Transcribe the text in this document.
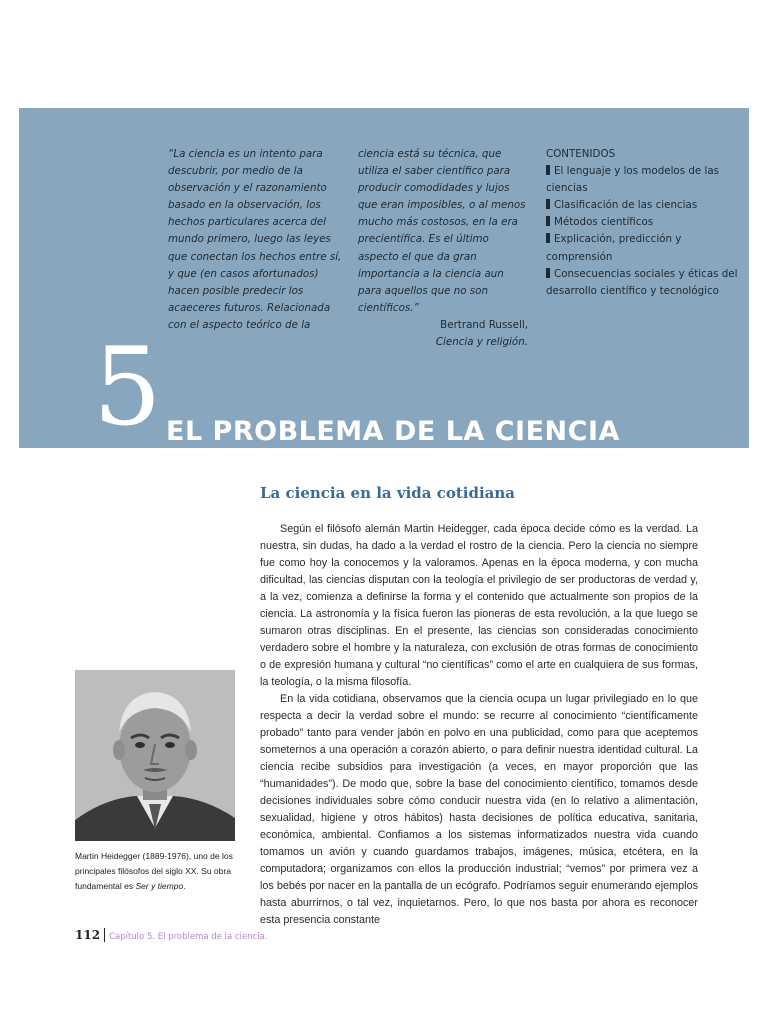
“La ciencia es un intento para descubrir, por medio de la observación y el razonamiento basado en la observación, los hechos particulares acerca del mundo primero, luego las leyes que conectan los hechos entre sí, y que (en casos afortunados) hacen posible predecir los acaeceres futuros. Relacionada con el aspecto teórico de la

ciencia está su técnica, que utiliza el saber científico para producir comodidades y lujos que eran imposibles, o al menos mucho más costosos, en la era precientífica. Es el último aspecto el que da gran importancia a la ciencia aun para aquellos que no son científicos.”

Bertrand Russell,
Ciencia y religión.
CONTENIDOS
El lenguaje y los modelos de las ciencias
Clasificación de las ciencias
Métodos científicos
Explicación, predicción y comprensión
Consecuencias sociales y éticas del desarrollo científico y tecnológico
5 EL PROBLEMA DE LA CIENCIA
La ciencia en la vida cotidiana

Según el filósofo alemán Martin Heidegger, cada época decide cómo es la verdad. La nuestra, sin dudas, ha dado a la verdad el rostro de la ciencia. Pero la ciencia no siempre fue como hoy la conocemos y la valoramos. Apenas en la época moderna, y con mucha dificultad, las ciencias disputan con la teología el privilegio de ser productoras de verdad y, a la vez, comienza a definirse la forma y el contenido que actualmente son propios de la ciencia. La astronomía y la física fueron las pioneras de esta revolución, a la que luego se sumaron otras disciplinas. En el presente, las ciencias son consideradas conocimiento verdadero sobre el hombre y la naturaleza, con exclusión de otras formas de conocimiento o de expresión humana y cultural “no científicas” como el arte en cualquiera de sus formas, la teología, o la misma filosofía.

En la vida cotidiana, observamos que la ciencia ocupa un lugar privilegiado en lo que respecta a decir la verdad sobre el mundo: se recurre al conocimiento “científicamente probado” tanto para vender jabón en polvo en una publicidad, como para que aceptemos someternos a una operación a corazón abierto, o para definir nuestra identidad cultural. La ciencia recibe subsidios para investigación (a veces, en mayor proporción que las “humanidades”). De modo que, sobre la base del conocimiento científico, tomamos desde decisiones individuales sobre cómo conducir nuestra vida (en lo relativo a alimentación, sexualidad, higiene y otros hábitos) hasta decisiones de política educativa, sanitaria, económica, ambiental. Confiamos a los sistemas informatizados nuestra vida cuando tomamos un avión y cuando guardamos trabajos, imágenes, música, etcétera, en la computadora; organizamos con ellos la producción industrial; “vemos” por primera vez a los bebés por nacer en la pantalla de un ecógrafo. Podríamos seguir enumerando ejemplos hasta aburrirnos, o tal vez, inquietarnos. Pero, lo que nos basta por ahora es reconocer esta presencia constante

Martin Heidegger (1889-1976), uno de los principales filósofos del siglo XX. Su obra fundamental es Ser y tiempo.
112 Capítulo 5. El problema de la ciencia.
